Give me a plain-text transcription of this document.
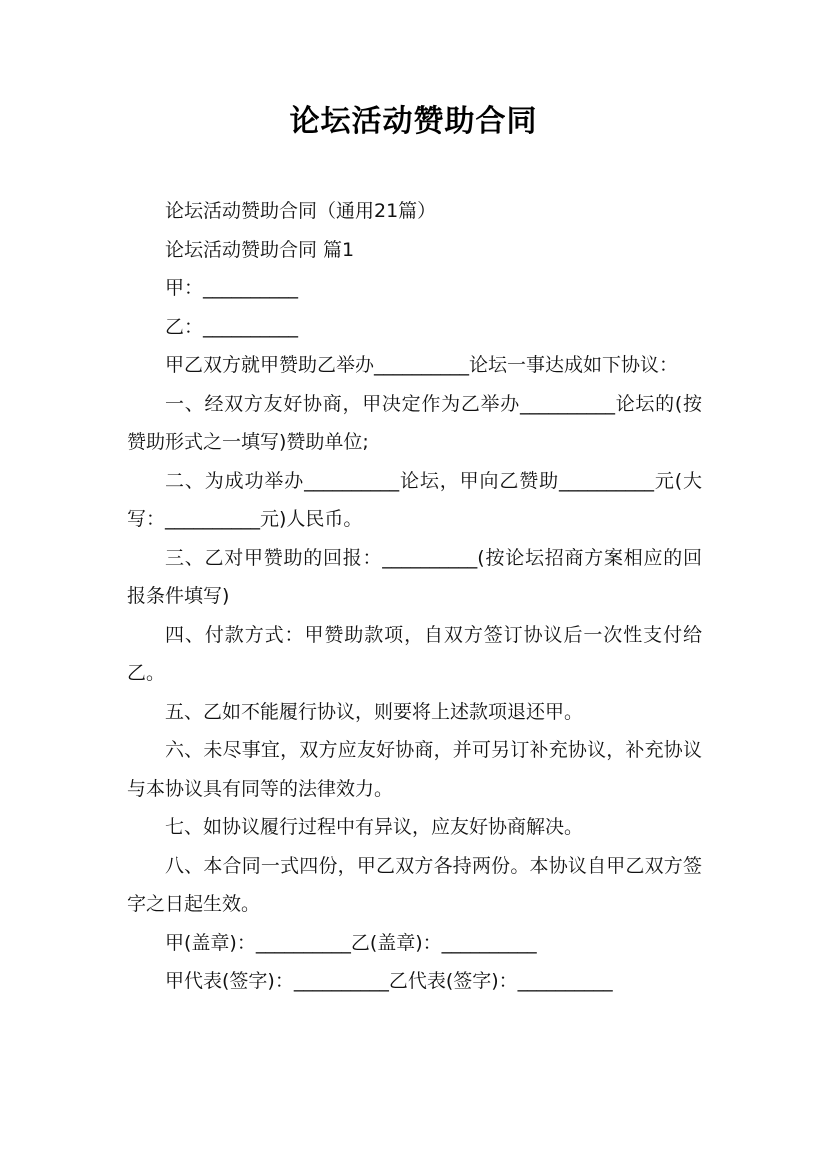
论坛活动赞助合同

论坛活动赞助合同（通用21篇）

论坛活动赞助合同 篇1

甲：__________

乙：__________

甲乙双方就甲赞助乙举办__________论坛一事达成如下协议：

一、经双方友好协商，甲决定作为乙举办__________论坛的(按赞助形式之一填写)赞助单位;

二、为成功举办__________论坛，甲向乙赞助__________元(大写：__________元)人民币。

三、乙对甲赞助的回报：__________(按论坛招商方案相应的回报条件填写)

四、付款方式：甲赞助款项，自双方签订协议后一次性支付给乙。

五、乙如不能履行协议，则要将上述款项退还甲。

六、未尽事宜，双方应友好协商，并可另订补充协议，补充协议与本协议具有同等的法律效力。

七、如协议履行过程中有异议，应友好协商解决。

八、本合同一式四份，甲乙双方各持两份。本协议自甲乙双方签字之日起生效。

甲(盖章)：__________乙(盖章)：__________

甲代表(签字)：__________乙代表(签字)：__________
